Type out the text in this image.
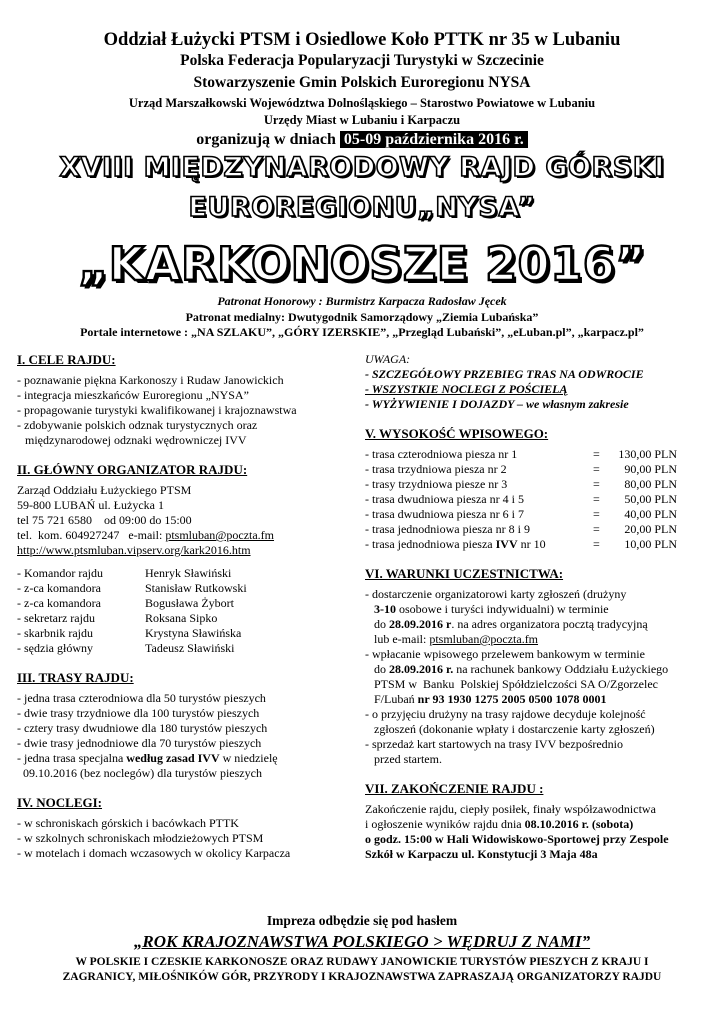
Oddział Łużycki PTSM i Osiedlowe Koło PTTK nr 35 w Lubaniu
Polska Federacja Popularyzacji Turystyki w Szczecinie
Stowarzyszenie Gmin Polskich Euroregionu NYSA
Urząd Marszałkowski Województwa Dolnośląskiego – Starostwo Powiatowe w Lubaniu
Urzędy Miast w Lubaniu i Karpaczu
organizują w dniach 05-09 października 2016 r.
XVIII MIĘDZYNARODOWY RAJD GÓRSKI
EUROREGIONU„NYSA”
„KARKONOSZE 2016”
Patronat Honorowy : Burmistrz Karpacza Radosław Jęcek
Patronat medialny: Dwutygodnik Samorządowy „Ziemia Lubańska”
Portale internetowe : „NA SZLAKU”, „GÓRY IZERSKIE”, „Przegląd Lubański”, „eLuban.pl”, „karpacz.pl”
I. CELE RAJDU:
- poznawanie piękna Karkonoszy i Rudaw Janowickich
- integracja mieszkańców Euroregionu „NYSA”
- propagowanie turystyki kwalifikowanej i krajoznawstwa
- zdobywanie polskich odznak turystycznych oraz
międzynarodowej odznaki wędrowniczej IVV
II. GŁÓWNY ORGANIZATOR RAJDU:
Zarząd Oddziału Łużyckiego PTSM
59-800 LUBAŃ ul. Łużycka 1
tel 75 721 6580    od 09:00 do 15:00
tel.  kom. 604927247   e-mail: ptsmluban@poczta.fm
http://www.ptsmluban.vipserv.org/kark2016.htm
- Komandor rajdu	Henryk Sławiński
- z-ca komandora	Stanisław Rutkowski
- z-ca komandora	Bogusława Żybort
- sekretarz rajdu	Roksana Sipko
- skarbnik rajdu	Krystyna Sławińska
- sędzia główny	Tadeusz Sławiński
III. TRASY RAJDU:
- jedna trasa czterodniowa dla 50 turystów pieszych
- dwie trasy trzydniowe dla 100 turystów pieszych
- cztery trasy dwudniowe dla 180 turystów pieszych
- dwie trasy jednodniowe dla 70 turystów pieszych
- jedna trasa specjalna według zasad IVV w niedzielę
09.10.2016 (bez noclegów) dla turystów pieszych
IV. NOCLEGI:
- w schroniskach górskich i bacówkach PTTK
- w szkolnych schroniskach młodzieżowych PTSM
- w motelach i domach wczasowych w okolicy Karpacza
UWAGA:
- SZCZEGÓŁOWY PRZEBIEG TRAS NA ODWROCIE
- WSZYSTKIE NOCLEGI Z POŚCIELĄ
- WYŻYWIENIE I DOJAZDY – we własnym zakresie
V. WYSOKOŚĆ WPISOWEGO:
- trasa czterodniowa piesza nr 1	=	130,00 PLN
- trasa trzydniowa piesza nr 2	=	90,00 PLN
- trasy trzydniowa piesze nr 3	=	80,00 PLN
- trasa dwudniowa piesza nr 4 i 5	=	50,00 PLN
- trasa dwudniowa piesza nr 6 i 7	=	40,00 PLN
- trasa jednodniowa piesza nr 8 i 9	=	20,00 PLN
- trasa jednodniowa piesza IVV nr 10	=	10,00 PLN
VI. WARUNKI UCZESTNICTWA:
- dostarczenie organizatorowi karty zgłoszeń (drużyny
3-10 osobowe i turyści indywidualni) w terminie
do 28.09.2016 r. na adres organizatora pocztą tradycyjną
lub e-mail: ptsmluban@poczta.fm
- wpłacanie wpisowego przelewem bankowym w terminie
do 28.09.2016 r. na rachunek bankowy Oddziału Łużyckiego
PTSM w  Banku  Polskiej Spółdzielczości SA O/Zgorzelec
F/Lubań nr 93 1930 1275 2005 0500 1078 0001
- o przyjęciu drużyny na trasy rajdowe decyduje kolejność
zgłoszeń (dokonanie wpłaty i dostarczenie karty zgłoszeń)
- sprzedaż kart startowych na trasy IVV bezpośrednio
przed startem.
VII. ZAKOŃCZENIE RAJDU :
Zakończenie rajdu, ciepły posiłek, finały współzawodnictwa
i ogłoszenie wyników rajdu dnia 08.10.2016 r. (sobota)
o godz. 15:00 w Hali Widowiskowo-Sportowej przy Zespole
Szkół w Karpaczu ul. Konstytucji 3 Maja 48a
Impreza odbędzie się pod hasłem
„ROK KRAJOZNAWSTWA POLSKIEGO > WĘDRUJ Z NAMI”
W POLSKIE I CZESKIE KARKONOSZE ORAZ RUDAWY JANOWICKIE TURYSTÓW PIESZYCH Z KRAJU I
ZAGRANICY, MIŁOŚNIKÓW GÓR, PRZYRODY I KRAJOZNAWSTWA ZAPRASZAJĄ ORGANIZATORZY RAJDU
